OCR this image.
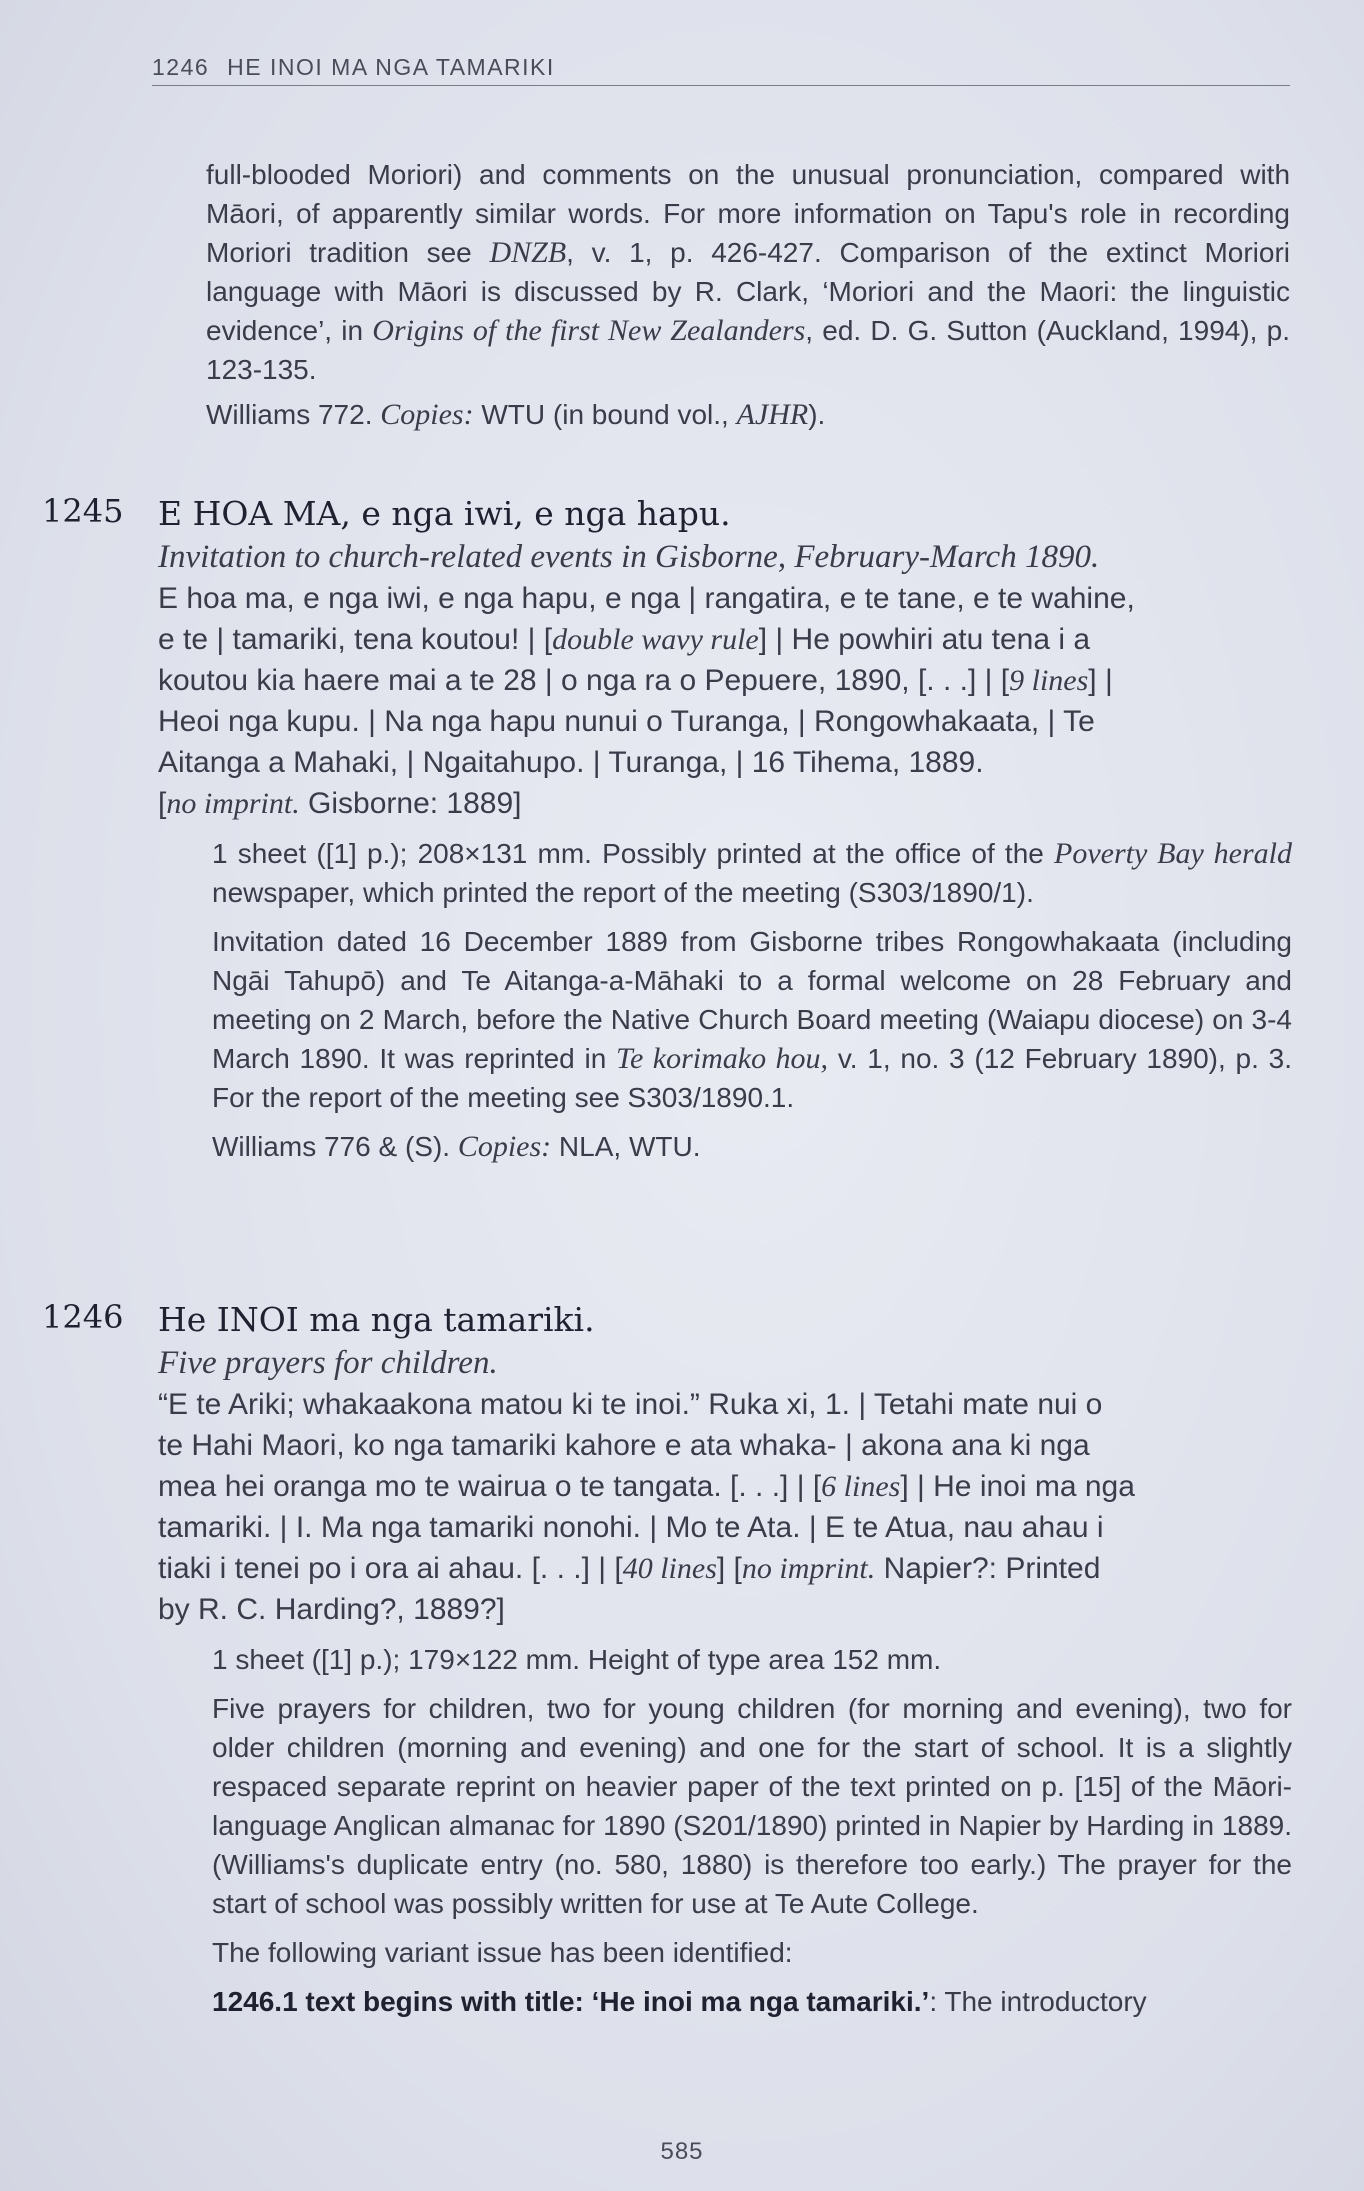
1246 HE INOI MA NGA TAMARIKI

full-blooded Moriori) and comments on the unusual pronunciation, compared with Māori, of apparently similar words. For more information on Tapu's role in recording Moriori tradition see DNZB, v. 1, p. 426-427. Comparison of the extinct Moriori language with Māori is discussed by R. Clark, ‘Moriori and the Maori: the linguistic evidence’, in Origins of the first New Zealanders, ed. D. G. Sutton (Auckland, 1994), p. 123-135.

Williams 772. Copies: WTU (in bound vol., AJHR).

1245	E HOA MA, e nga iwi, e nga hapu.
Invitation to church-related events in Gisborne, February-March 1890.
E hoa ma, e nga iwi, e nga hapu, e nga | rangatira, e te tane, e te wahine,
e te | tamariki, tena koutou! | [double wavy rule] | He powhiri atu tena i a
koutou kia haere mai a te 28 | o nga ra o Pepuere, 1890, [. . .] | [9 lines] |
Heoi nga kupu. | Na nga hapu nunui o Turanga, | Rongowhakaata, | Te
Aitanga a Mahaki, | Ngaitahupo. | Turanga, | 16 Tihema, 1889.
[no imprint. Gisborne: 1889]

1 sheet ([1] p.); 208×131 mm. Possibly printed at the office of the Poverty Bay herald newspaper, which printed the report of the meeting (S303/1890/1).

Invitation dated 16 December 1889 from Gisborne tribes Rongowhakaata (including Ngāi Tahupō) and Te Aitanga-a-Māhaki to a formal welcome on 28 February and meeting on 2 March, before the Native Church Board meeting (Waiapu diocese) on 3-4 March 1890. It was reprinted in Te korimako hou, v. 1, no. 3 (12 February 1890), p. 3. For the report of the meeting see S303/1890.1.

Williams 776 & (S). Copies: NLA, WTU.

1246	He INOI ma nga tamariki.
Five prayers for children.
“E te Ariki; whakaakona matou ki te inoi.” Ruka xi, 1. | Tetahi mate nui o
te Hahi Maori, ko nga tamariki kahore e ata whaka- | akona ana ki nga
mea hei oranga mo te wairua o te tangata. [. . .] | [6 lines] | He inoi ma nga
tamariki. | I. Ma nga tamariki nonohi. | Mo te Ata. | E te Atua, nau ahau i
tiaki i tenei po i ora ai ahau. [. . .] | [40 lines] [no imprint. Napier?: Printed
by R. C. Harding?, 1889?]

1 sheet ([1] p.); 179×122 mm. Height of type area 152 mm.

Five prayers for children, two for young children (for morning and evening), two for older children (morning and evening) and one for the start of school. It is a slightly respaced separate reprint on heavier paper of the text printed on p. [15] of the Māori-language Anglican almanac for 1890 (S201/1890) printed in Napier by Harding in 1889. (Williams's duplicate entry (no. 580, 1880) is therefore too early.) The prayer for the start of school was possibly written for use at Te Aute College.

The following variant issue has been identified:

1246.1 text begins with title: ‘He inoi ma nga tamariki.’: The introductory

585
